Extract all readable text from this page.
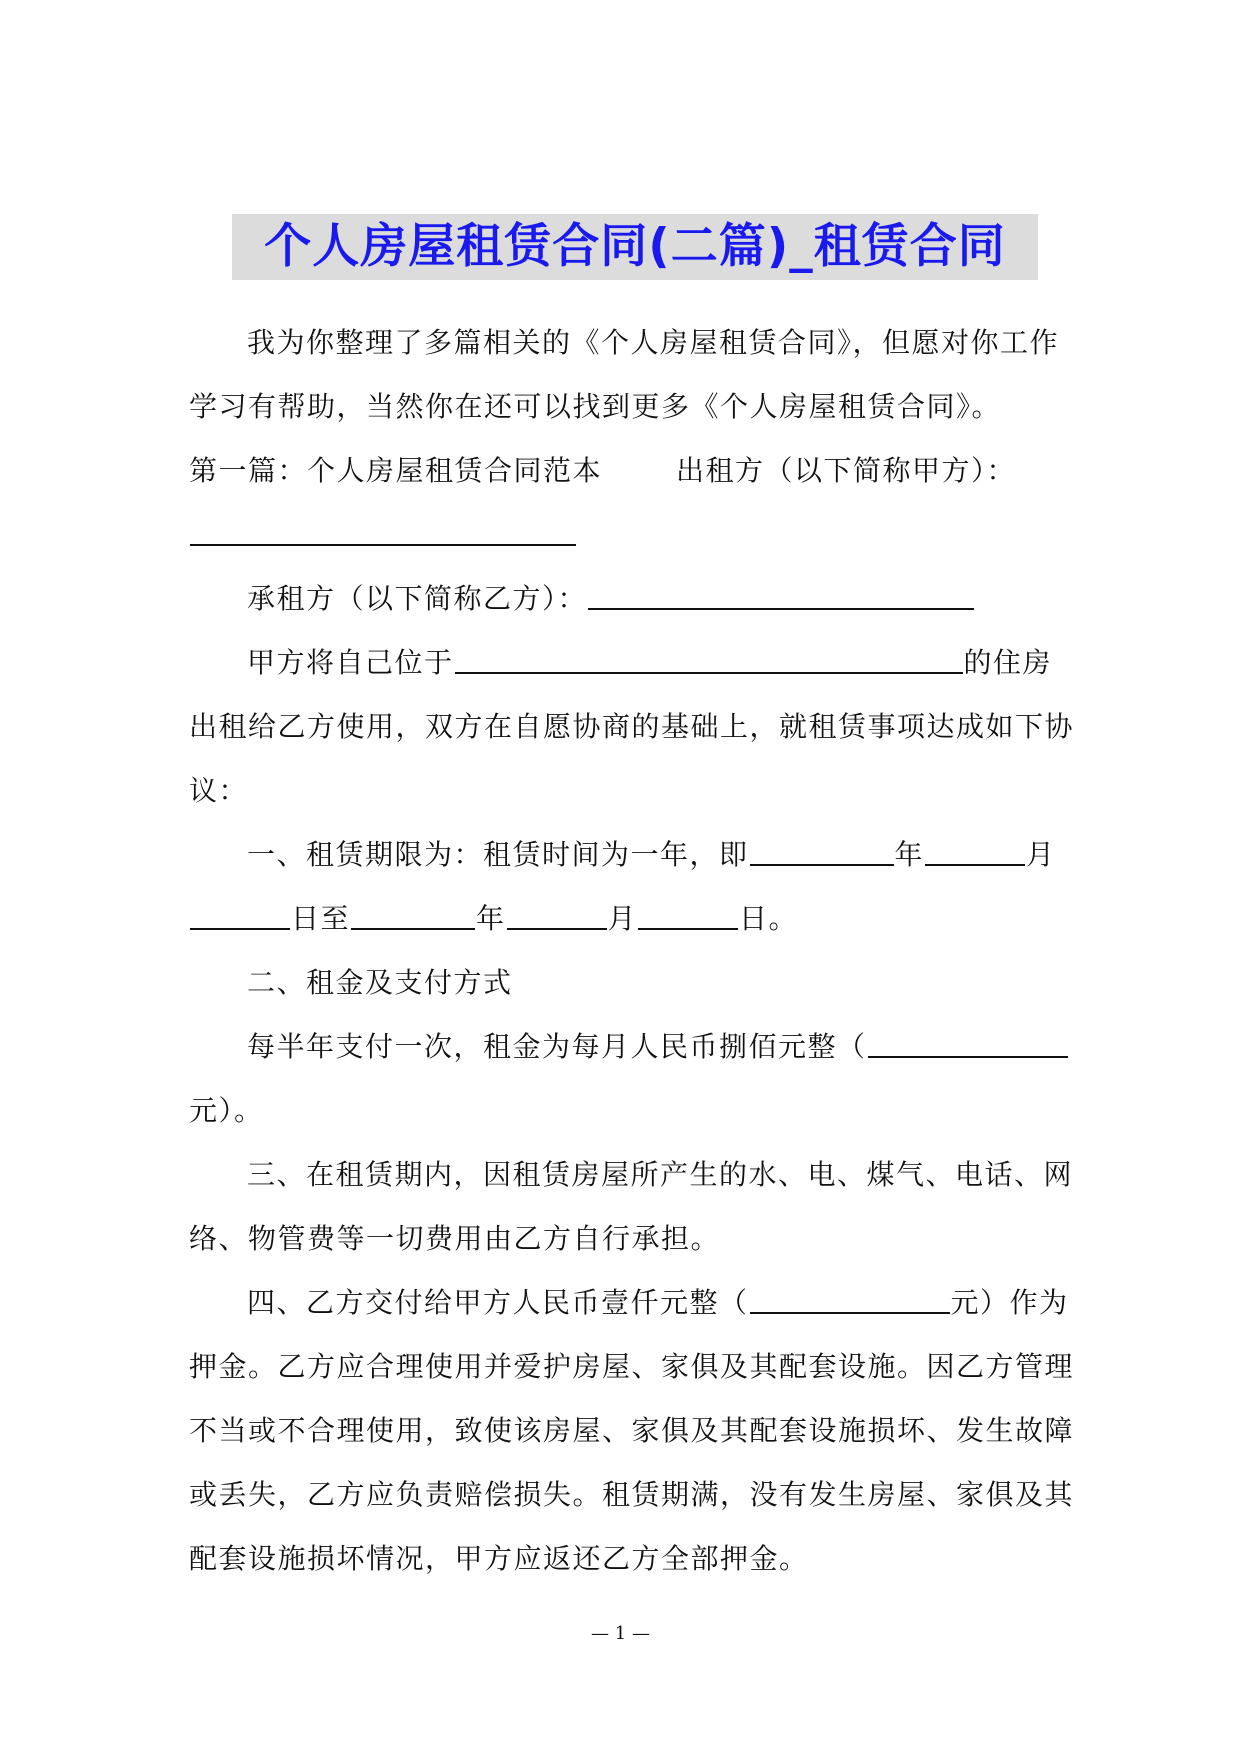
个人房屋租赁合同(二篇)_租赁合同
我为你整理了多篇相关的《个人房屋租赁合同》，但愿对你工作
学习有帮助，当然你在还可以找到更多《个人房屋租赁合同》。
第一篇：个人房屋租赁合同范本	出租方（以下简称甲方）：
承租方（以下简称乙方）：
甲方将自己位于	的住房
出租给乙方使用，双方在自愿协商的基础上，就租赁事项达成如下协
议：
一、租赁期限为：租赁时间为一年，即	年	月
日至	年	月	日。
二、租金及支付方式
每半年支付一次，租金为每月人民币捌佰元整（
元）。
三、在租赁期内，因租赁房屋所产生的水、电、煤气、电话、网
络、物管费等一切费用由乙方自行承担。
四、乙方交付给甲方人民币壹仟元整（	元）作为
押金。乙方应合理使用并爱护房屋、家俱及其配套设施。因乙方管理
不当或不合理使用，致使该房屋、家俱及其配套设施损坏、发生故障
或丢失，乙方应负责赔偿损失。租赁期满，没有发生房屋、家俱及其
配套设施损坏情况，甲方应返还乙方全部押金。
— 1 —
